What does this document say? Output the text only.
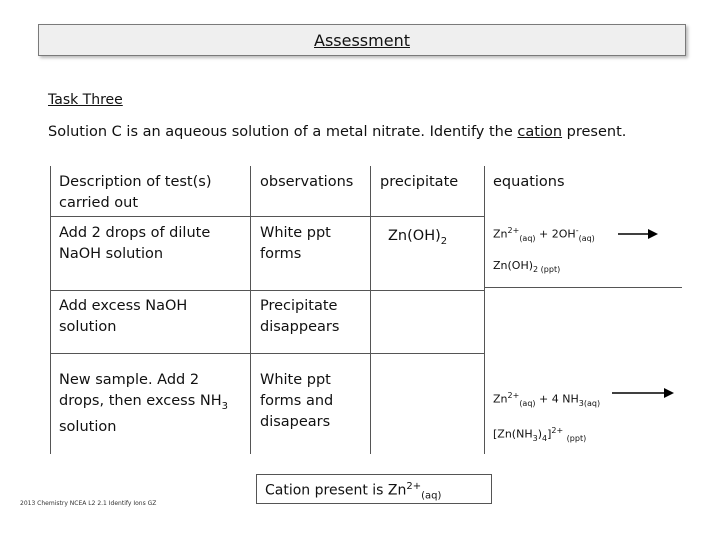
Assessment
Task Three
Solution C is an aqueous solution of a metal nitrate. Identify the cation present.
Description of test(s) carried out
observations precipitate equations
Add 2 drops of dilute NaOH solution
White ppt forms
$Zn(OH)_2$
$Zn^{2+}_{(aq)} + 2OH^-_{(aq)}$
$Zn(OH)_{2 (ppt)}$
Add excess NaOH solution
Precipitate disappears
New sample. Add 2 drops, then excess $NH_3$ solution
White ppt forms and disapears
$Zn^{2+}_{(aq)} + 4$ $NH_{3(aq)}$
$[Zn(NH_3)_4]^{2+}$ $_{(ppt)}$
Cation present is $Zn^{2+}_{(aq)}$
2013 Chemistry NCEA L2 2.1 Identify Ions GZ
